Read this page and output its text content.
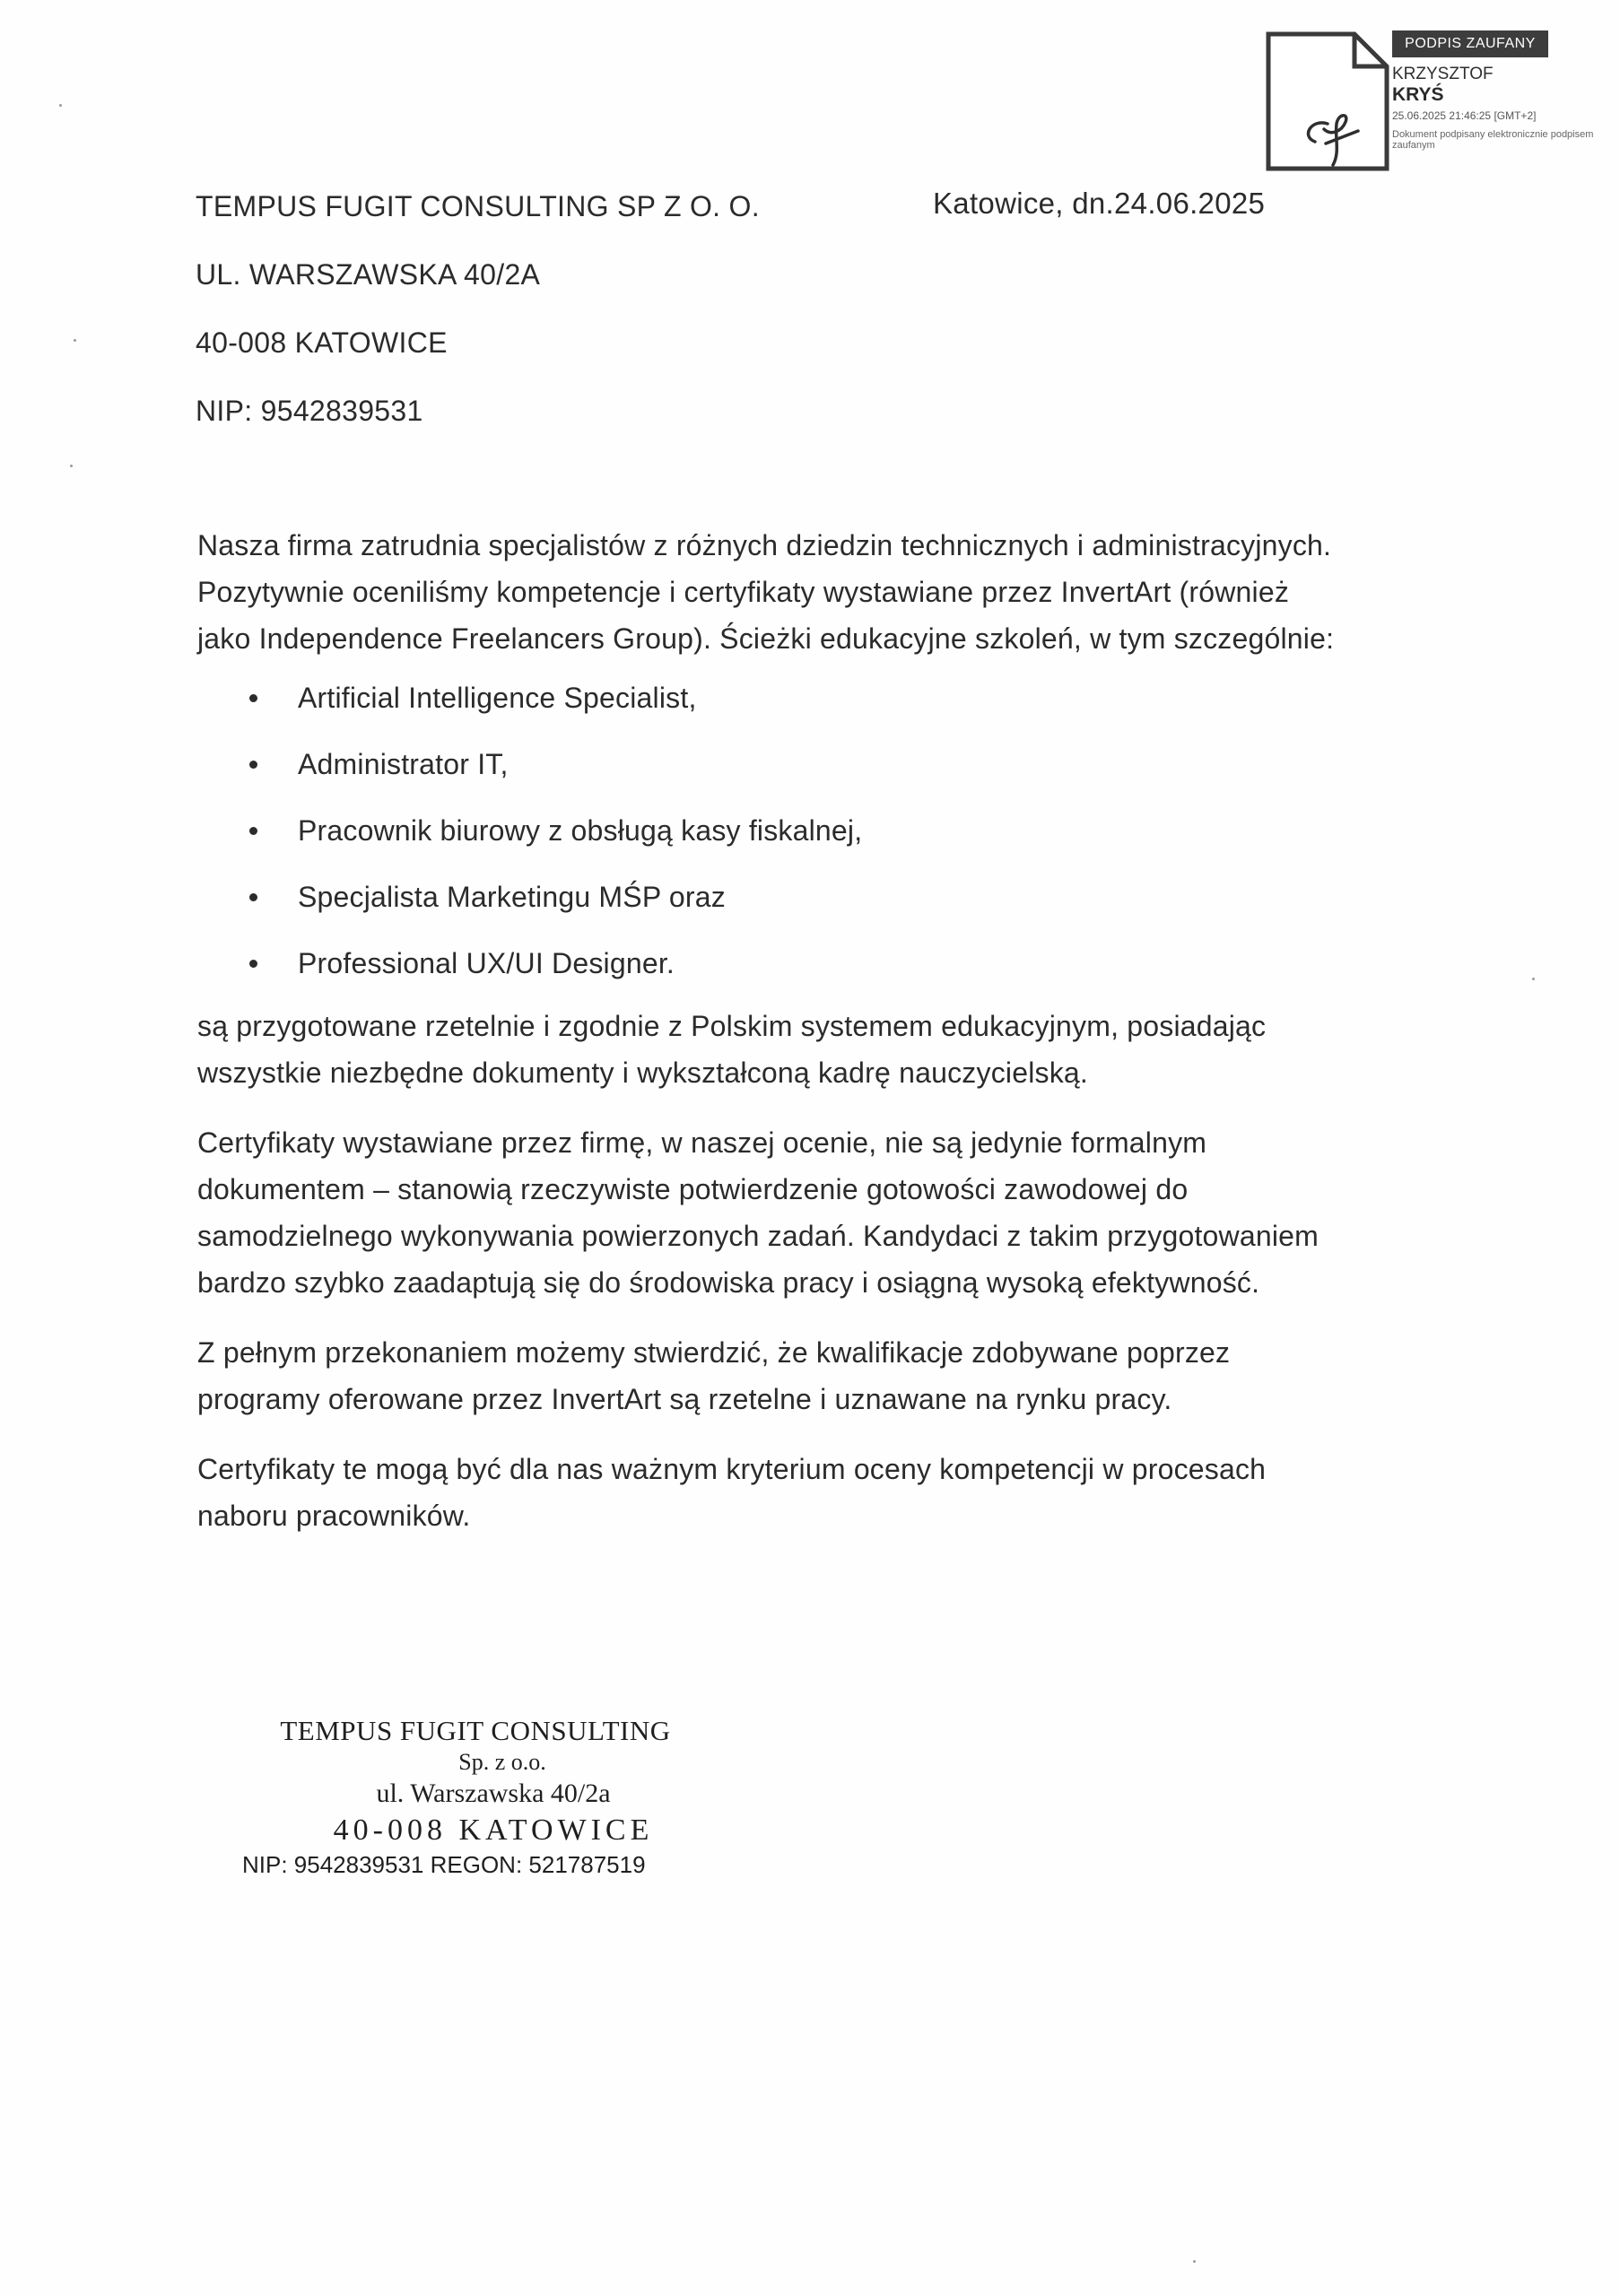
PODPIS ZAUFANY
KRZYSZTOF
KRYŚ
25.06.2025 21:46:25 [GMT+2]
Dokument podpisany elektronicznie podpisem zaufanym
TEMPUS FUGIT CONSULTING SP Z O. O.
UL. WARSZAWSKA 40/2A
40-008 KATOWICE
NIP: 9542839531
Katowice, dn.24.06.2025

Nasza firma zatrudnia specjalistów z różnych dziedzin technicznych i administracyjnych.
Pozytywnie oceniliśmy kompetencje i certyfikaty wystawiane przez InvertArt (również
jako Independence Freelancers Group). Ścieżki edukacyjne szkoleń, w tym szczególnie:

Artificial Intelligence Specialist,
Administrator IT,
Pracownik biurowy z obsługą kasy fiskalnej,
Specjalista Marketingu MŚP oraz
Professional UX/UI Designer.

są przygotowane rzetelnie i zgodnie z Polskim systemem edukacyjnym, posiadając
wszystkie niezbędne dokumenty i wykształconą kadrę nauczycielską.

Certyfikaty wystawiane przez firmę, w naszej ocenie, nie są jedynie formalnym
dokumentem – stanowią rzeczywiste potwierdzenie gotowości zawodowej do
samodzielnego wykonywania powierzonych zadań. Kandydaci z takim przygotowaniem
bardzo szybko zaadaptują się do środowiska pracy i osiągną wysoką efektywność.

Z pełnym przekonaniem możemy stwierdzić, że kwalifikacje zdobywane poprzez
programy oferowane przez InvertArt są rzetelne i uznawane na rynku pracy.

Certyfikaty te mogą być dla nas ważnym kryterium oceny kompetencji w procesach
naboru pracowników.

TEMPUS FUGIT CONSULTING
Sp. z o.o.
ul. Warszawska 40/2a
40-008 KATOWICE
NIP: 9542839531 REGON: 521787519
